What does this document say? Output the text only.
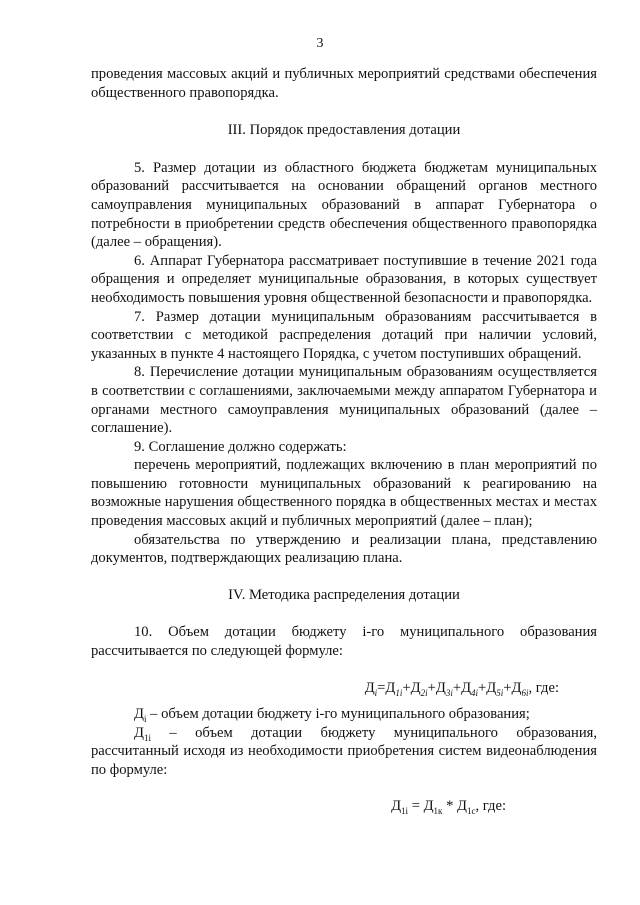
3

проведения массовых акций и публичных мероприятий средствами обеспечения общественного правопорядка.

III. Порядок предоставления дотации

5. Размер дотации из областного бюджета бюджетам муниципальных образований рассчитывается на основании обращений органов местного самоуправления муниципальных образований в аппарат Губернатора о потребности в приобретении средств обеспечения общественного правопорядка (далее – обращения).

6. Аппарат Губернатора рассматривает поступившие в течение 2021 года обращения и определяет муниципальные образования, в которых существует необходимость повышения уровня общественной безопасности и правопорядка.

7. Размер дотации муниципальным образованиям рассчитывается в соответствии с методикой распределения дотаций при наличии условий, указанных в пункте 4 настоящего Порядка, с учетом поступивших обращений.

8. Перечисление дотации муниципальным образованиям осуществляется в соответствии с соглашениями, заключаемыми между аппаратом Губернатора и органами местного самоуправления муниципальных образований (далее – соглашение).

9. Соглашение должно содержать:

перечень мероприятий, подлежащих включению в план мероприятий по повышению готовности муниципальных образований к реагированию на возможные нарушения общественного порядка в общественных местах и местах проведения массовых акций и публичных мероприятий (далее – план);

обязательства по утверждению и реализации плана, представлению документов, подтверждающих реализацию плана.

IV. Методика распределения дотации

10. Объем дотации бюджету i-го муниципального образования рассчитывается по следующей формуле:

$Д_i=Д_{1i}+Д_{2i}+Д_{3i}+Д_{4i}+Д_{5i}+Д_{6i}$, где:

$Д_i$ – объем дотации бюджету i-го муниципального образования;

$Д_{1i}$ – объем дотации бюджету муниципального образования, рассчитанный исходя из необходимости приобретения систем видеонаблюдения по формуле:

$Д_{1i} = Д_{1к} * Д_{1с}$, где:
